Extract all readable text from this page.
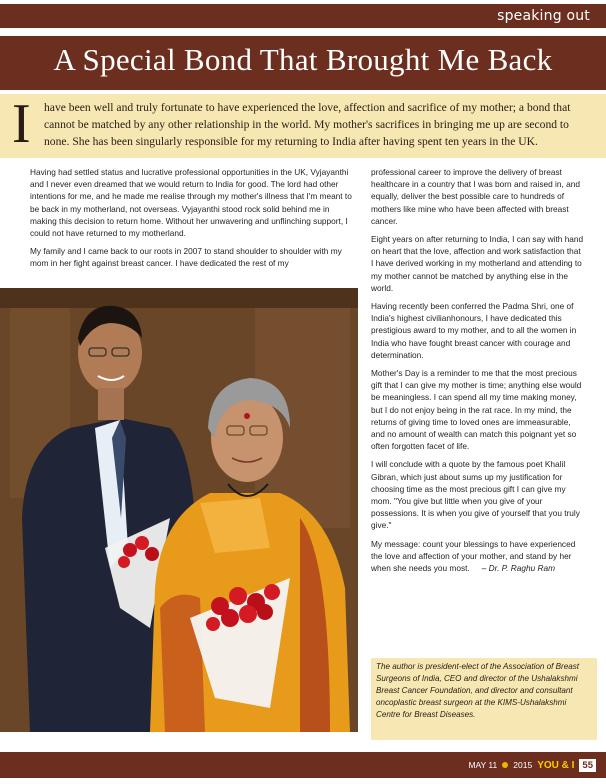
speaking out
A Special Bond That Brought Me Back
I have been well and truly fortunate to have experienced the love, affection and sacrifice of my mother; a bond that cannot be matched by any other relationship in the world. My mother's sacrifices in bringing me up are second to none. She has been singularly responsible for my returning to India after having spent ten years in the UK.

Having had settled status and lucrative professional opportunities in the UK, Vyjayanthi and I never even dreamed that we would return to India for good. The lord had other intentions for me, and he made me realise through my mother's illness that I'm meant to be back in my motherland, not overseas. Vyjayanthi stood rock solid behind me in making this decision to return home. Without her unwavering and unflinching support, I could not have returned to my motherland.

My family and I came back to our roots in 2007 to stand shoulder to shoulder with my mom in her fight against breast cancer. I have dedicated the rest of my

professional career to improve the delivery of breast healthcare in a country that I was born and raised in, and equally, deliver the best possible care to hundreds of mothers like mine who have been affected with breast cancer.

Eight years on after returning to India, I can say with hand on heart that the love, affection and work satisfaction that I have derived working in my motherland and attending to my mother cannot be matched by anything else in the world.

Having recently been conferred the Padma Shri, one of India's highest civilianhonours, I have dedicated this prestigious award to my mother, and to all the women in India who have fought breast cancer with courage and determination.

Mother's Day is a reminder to me that the most precious gift that I can give my mother is time; anything else would be meaningless. I can spend all my time making money, but I do not enjoy being in the rat race. In my mind, the returns of giving time to loved ones are immeasurable, and no amount of wealth can match this poignant yet so often forgotten facet of life.

I will conclude with a quote by the famous poet Khalil Gibran, which just about sums up my justification for choosing time as the most precious gift I can give my mom. "You give but little when you give of your possessions. It is when you give of yourself that you truly give."

My message: count your blessings to have experienced the love and affection of your mother, and stand by her when she needs you most. – Dr. P. Raghu Ram

The author is president-elect of the Association of Breast Surgeons of India, CEO and director of the Ushalakshmi Breast Cancer Foundation, and director and consultant oncoplastic breast surgeon at the KIMS-Ushalakshmi Centre for Breast Diseases.
MAY 11 2015 YOU & I 55
